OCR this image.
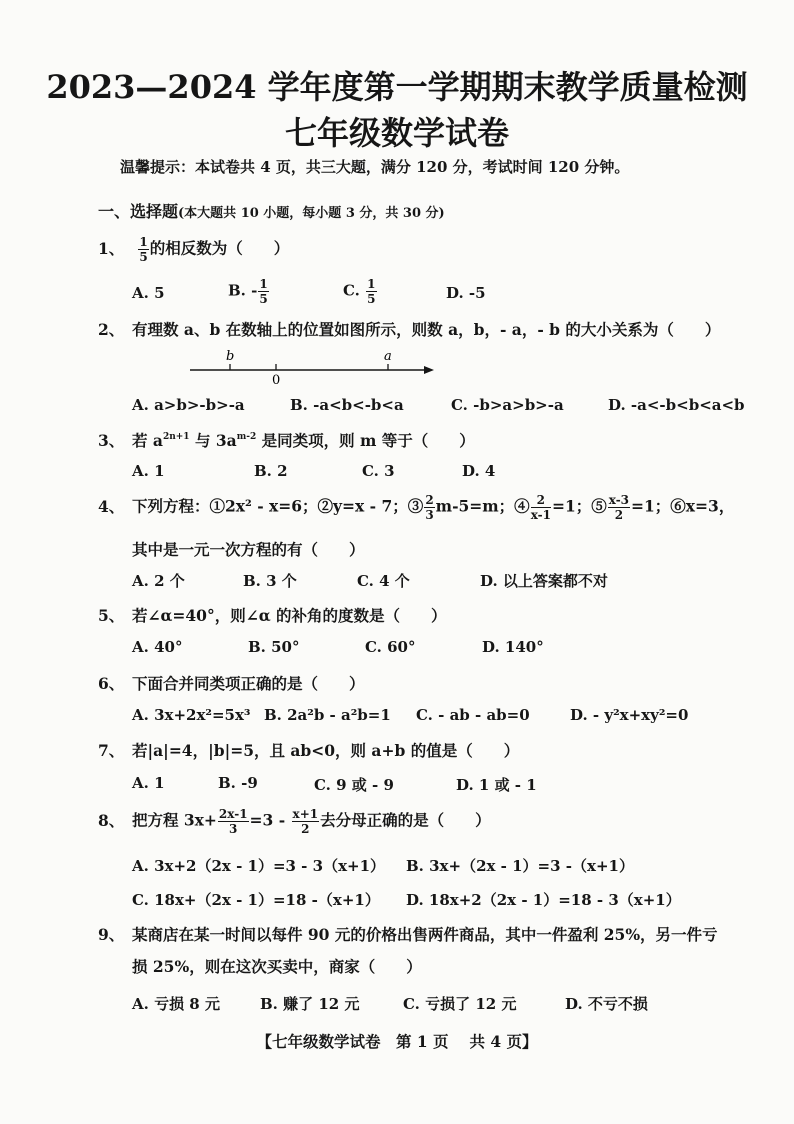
2023—2024 学年度第一学期期末教学质量检测
七年级数学试卷
温馨提示：本试卷共 4 页，共三大题，满分 120 分，考试时间 120 分钟。
一、选择题(本大题共 10 小题，每小题 3 分，共 30 分)
1、 $\frac{1}{5}$ 的相反数为（　　）
A. 5	B. - $\frac{1}{5}$	C. $\frac{1}{5}$	D. -5
2、 有理数 a、b 在数轴上的位置如图所示，则数 a，b，- a，- b 的大小关系为（　　）
b
0
a
A. a>b>-b>-a	B. -a<b<-b<a	C. -b>a>b>-a	D. -a<-b<b<a<b
3、 若 $a^{2n+1}$ 与 $3a^{m-2}$ 是同类项，则 m 等于（　　）
A. 1	B. 2	C. 3	D. 4
4、 下列方程：①2x² - x=6；②y=x - 7；③ $\frac{2}{3} m-5=m$；④ $\frac{2}{x-1} =1$；⑤ $\frac{x-3}{2} =1$；⑥x=3，
其中是一元一次方程的有（　　）
A. 2 个	B. 3 个	C. 4 个	D. 以上答案都不对
5、 若∠α=40°，则∠α 的补角的度数是（　　）
A. 40°	B. 50°	C. 60°	D. 140°
6、 下面合并同类项正确的是（　　）
A. 3x+2x²=5x³ B. 2a²b - a²b=1 C. - ab - ab=0	D. - y²x+xy²=0
7、 若|a|=4，|b|=5，且 ab<0，则 a+b 的值是（　　）
A. 1	B. -9	C. 9 或 - 9	D. 1 或 - 1
8、 把方程 $3x+ \frac{2x-1}{3} =3 - \frac{x+1}{2}$ 去分母正确的是（　　）
A. 3x+2（2x - 1）=3 - 3（x+1） B. 3x+（2x - 1）=3 -（x+1）
C. 18x+（2x - 1）=18 -（x+1） D. 18x+2（2x - 1）=18 - 3（x+1）
9、 某商店在某一时间以每件 90 元的价格出售两件商品，其中一件盈利 25%，另一件亏
损 25%，则在这次买卖中，商家（　　）
A. 亏损 8 元	B. 赚了 12 元	C. 亏损了 12 元	D. 不亏不损
【七年级数学试卷　第 1 页　 共 4 页】
